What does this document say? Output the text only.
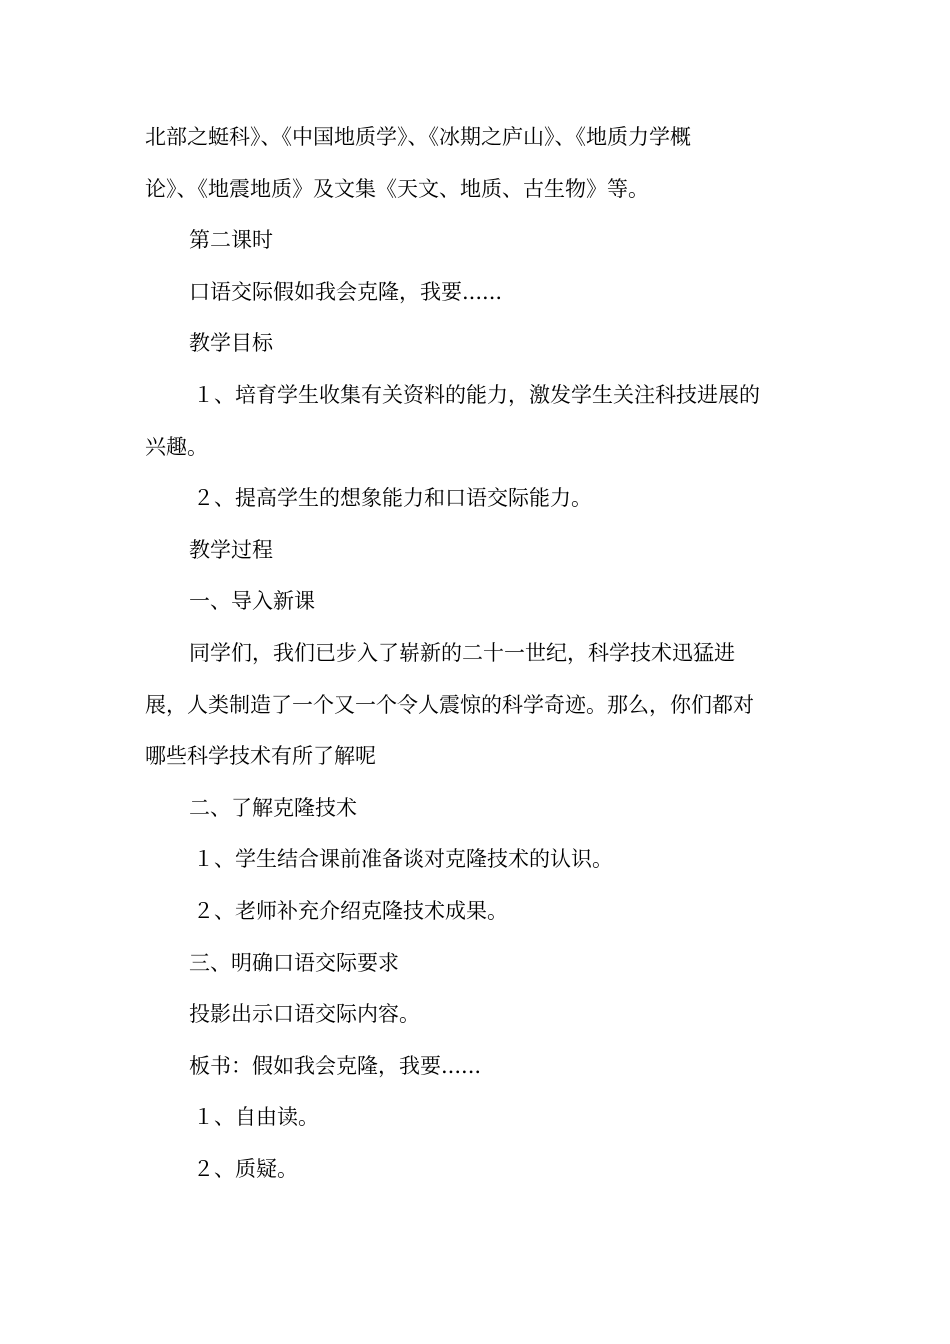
北部之蜓科》、《中国地质学》、《冰期之庐山》、《地质力学概
论》、《地震地质》及文集《天文、地质、古生物》等。
第二课时
口语交际假如我会克隆，我要......
教学目标
１、培育学生收集有关资料的能力，激发学生关注科技进展的
兴趣。
２、提高学生的想象能力和口语交际能力。
教学过程
一、导入新课
同学们，我们已步入了崭新的二十一世纪，科学技术迅猛进
展，人类制造了一个又一个令人震惊的科学奇迹。那么，你们都对
哪些科学技术有所了解呢
二、了解克隆技术
１、学生结合课前准备谈对克隆技术的认识。
２、老师补充介绍克隆技术成果。
三、明确口语交际要求
投影出示口语交际内容。
板书：假如我会克隆，我要......
１、自由读。
２、质疑。
